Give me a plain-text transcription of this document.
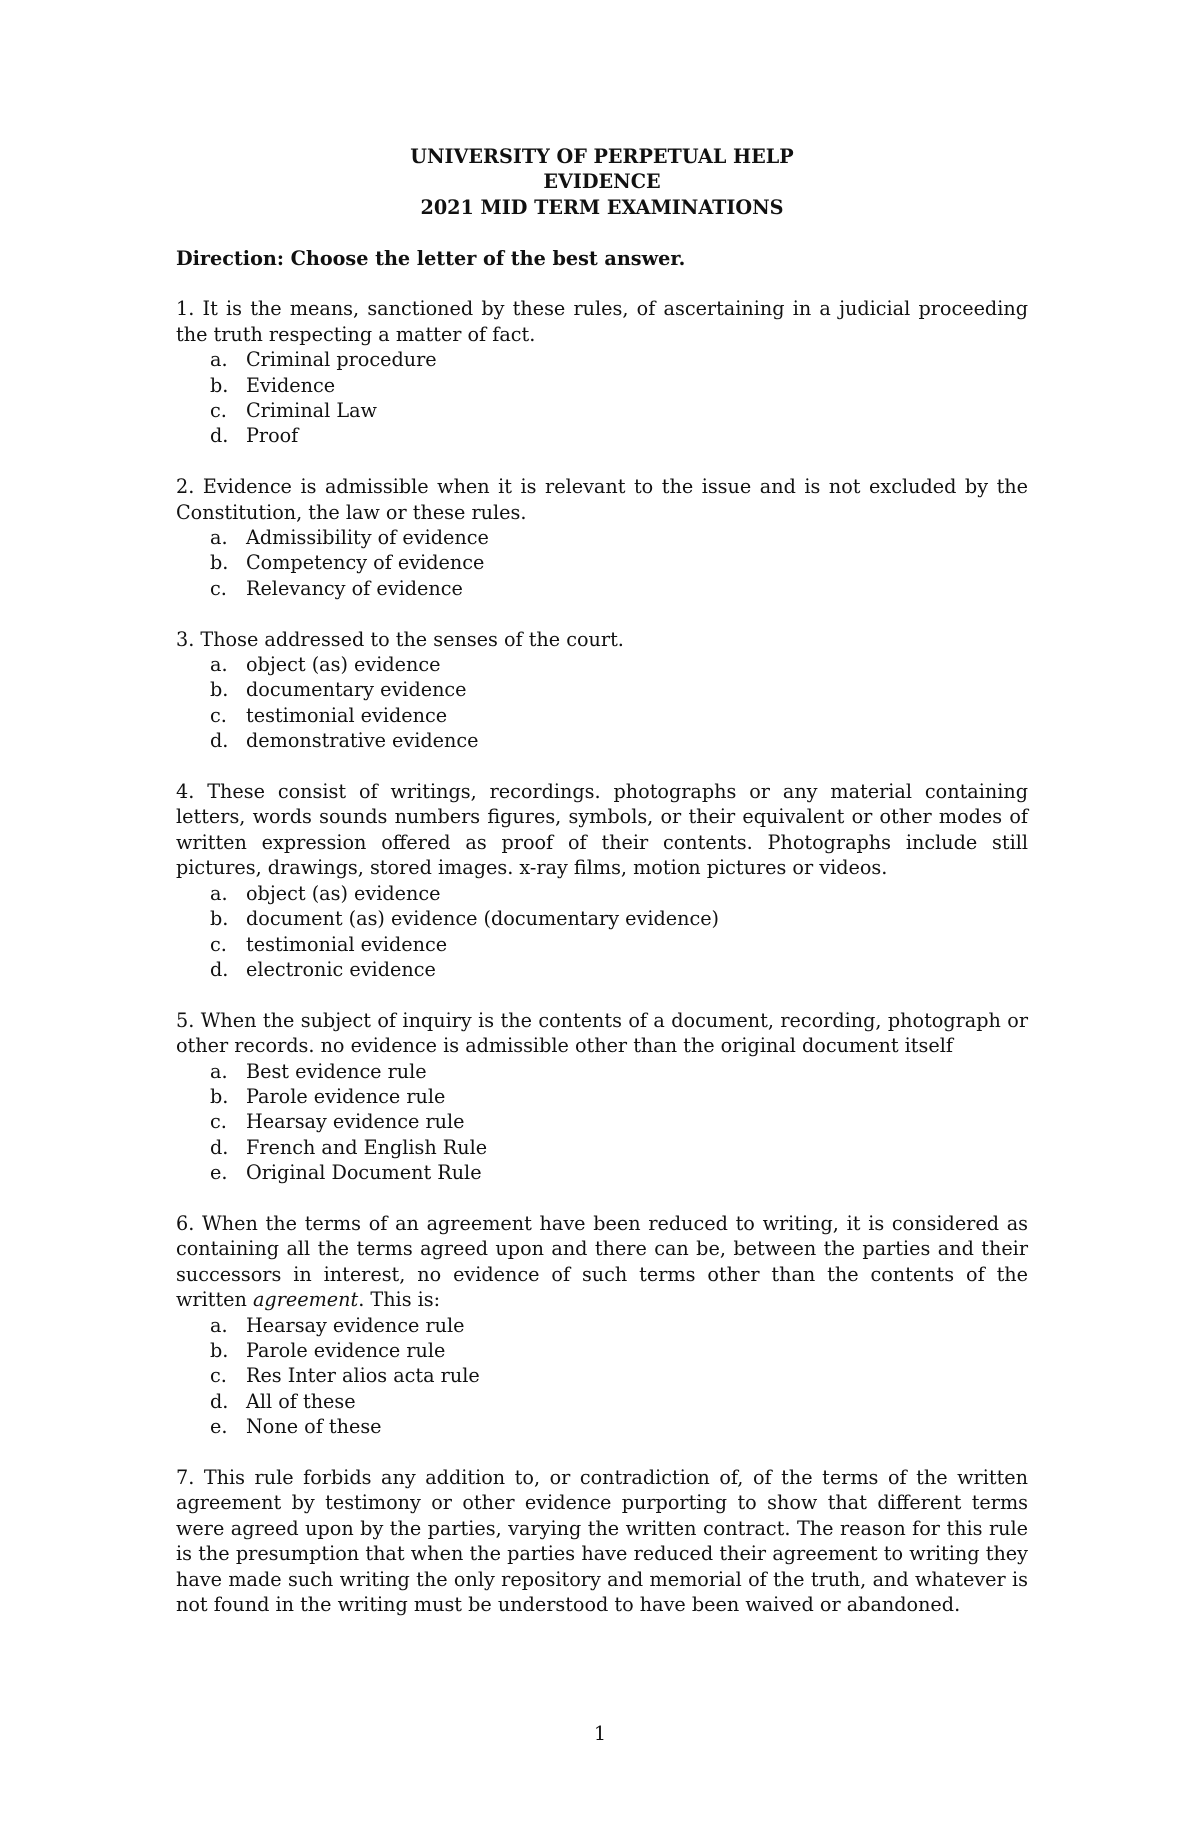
UNIVERSITY OF PERPETUAL HELP
EVIDENCE
2021 MID TERM EXAMINATIONS
Direction: Choose the letter of the best answer.
1. It is the means, sanctioned by these rules, of ascertaining in a judicial proceeding the truth respecting a matter of fact.
a. Criminal procedure
b. Evidence
c. Criminal Law
d. Proof
2. Evidence is admissible when it is relevant to the issue and is not excluded by the Constitution, the law or these rules.
a. Admissibility of evidence
b. Competency of evidence
c. Relevancy of evidence
3. Those addressed to the senses of the court.
a. object (as) evidence
b. documentary evidence
c. testimonial evidence
d. demonstrative evidence
4. These consist of writings, recordings. photographs or any material containing letters, words sounds numbers figures, symbols, or their equivalent or other modes of written expression offered as proof of their contents. Photographs include still pictures, drawings, stored images. x-ray films, motion pictures or videos.
a. object (as) evidence
b. document (as) evidence (documentary evidence)
c. testimonial evidence
d. electronic evidence
5. When the subject of inquiry is the contents of a document, recording, photograph or other records. no evidence is admissible other than the original document itself
a. Best evidence rule
b. Parole evidence rule
c. Hearsay evidence rule
d. French and English Rule
e. Original Document Rule
6. When the terms of an agreement have been reduced to writing, it is considered as containing all the terms agreed upon and there can be, between the parties and their successors in interest, no evidence of such terms other than the contents of the written agreement. This is:
a. Hearsay evidence rule
b. Parole evidence rule
c. Res Inter alios acta rule
d. All of these
e. None of these
7. This rule forbids any addition to, or contradiction of, of the terms of the written agreement by testimony or other evidence purporting to show that different terms were agreed upon by the parties, varying the written contract. The reason for this rule is the presumption that when the parties have reduced their agreement to writing they have made such writing the only repository and memorial of the truth, and whatever is not found in the writing must be understood to have been waived or abandoned.
1
